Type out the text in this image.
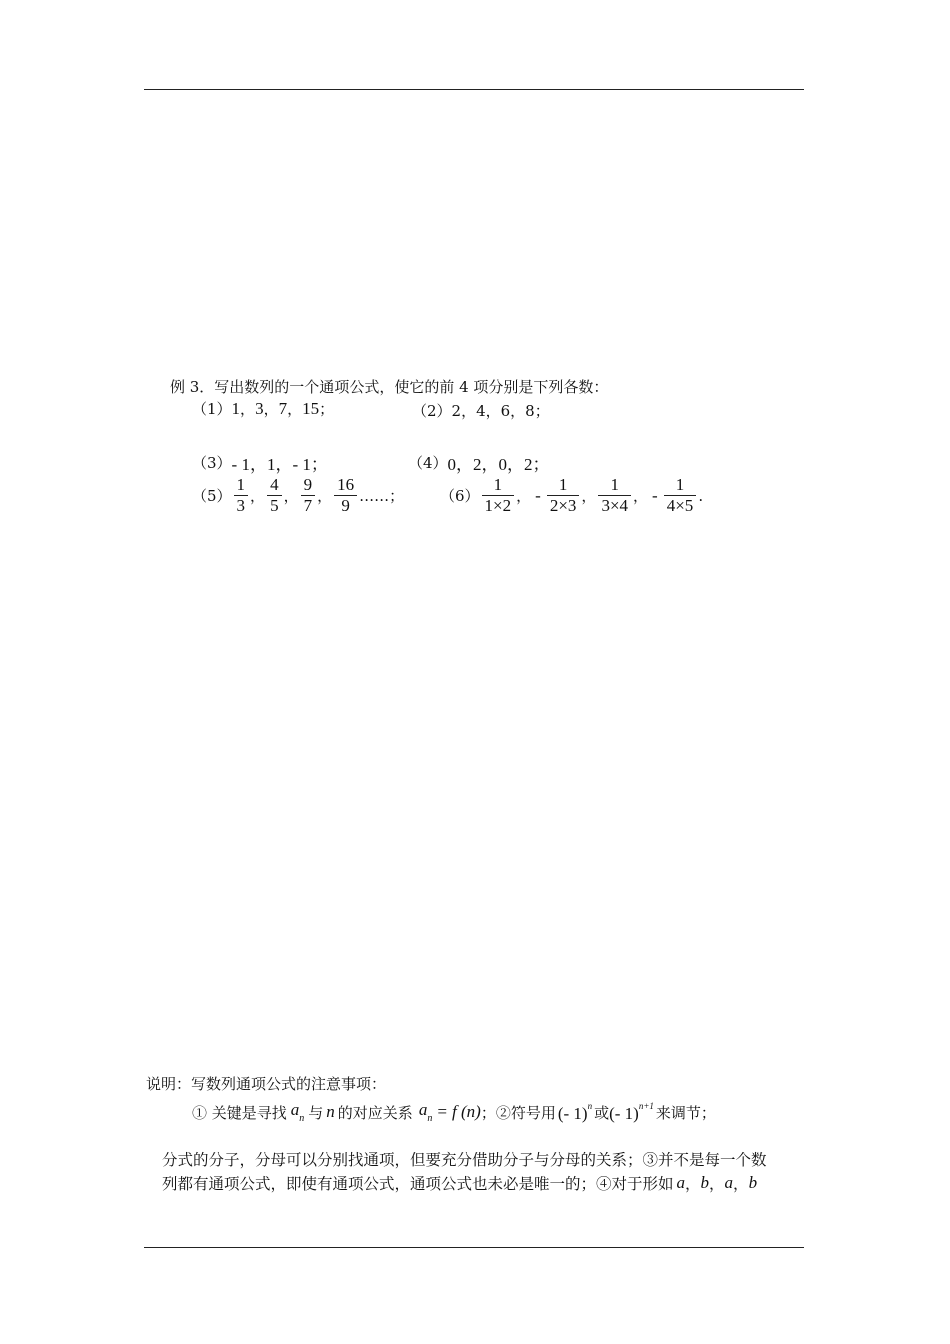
例 3．写出数列的一个通项公式，使它的前 4 项分别是下列各数：
（1） 1 ， 3 ， 7 ， 15 ；	（2） 2，4，6，8；
（3） - 1，1，- 1；	（4） 0，2，0，2；
$(5) \frac{1}{3}$ ， $\frac{4}{5}$ ， $\frac{9}{7}$ ， $\frac{16}{9}$ ……； $(6) \frac{1}{1\times 2}$ ， - $\frac{1}{2\times 3}$ ， $\frac{1}{3\times 4}$ ， - $\frac{1}{4\times 5}$ .
说明：写数列通项公式的注意事项：
① 关键是寻找 $a_n$ 与 n 的对应关系 $a_n = f$ (n) ；②符号用 (- 1)$^n$ 或 (- 1)$^{n+1}$ 来调节；
分式的分子，分母可以分别找通项，但要充分借助分子与分母的关系；③并不是每一个数
列都有通项公式，即使有通项公式，通项公式也未必是唯一的；④对于形如 a ， b ， a ， b
